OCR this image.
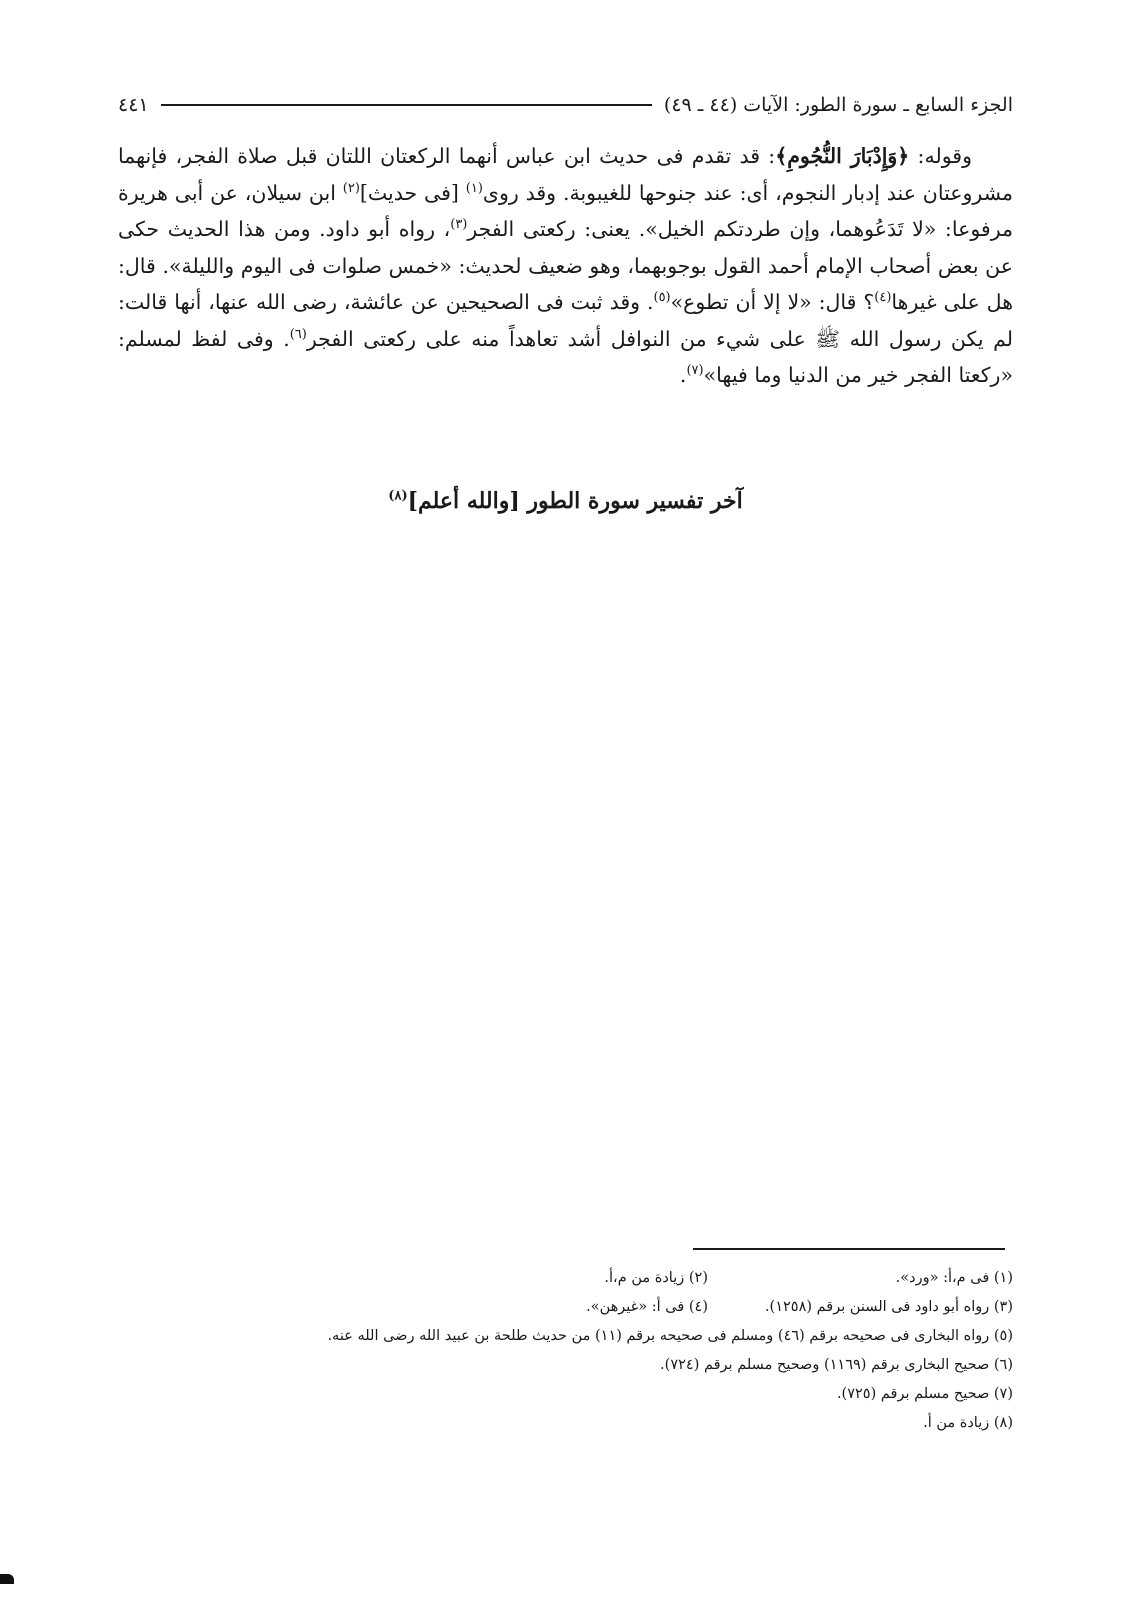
الجزء السابع ـ سورة الطور: الآيات (٤٤ ـ ٤٩)
٤٤١

  وقوله: ﴿وَإِدْبَارَ النُّجُومِ﴾: قد تقدم فى حديث ابن عباس أنهما الركعتان اللتان قبل صلاة الفجر، فإنهما مشروعتان عند إدبار النجوم، أى: عند جنوحها للغيبوبة. وقد روى$^{(١)}$ [فى حديث]$^{(٢)}$ ابن سيلان، عن أبى هريرة مرفوعا: «لا تَدَعُوهما، وإن طردتكم الخيل». يعنى: ركعتى الفجر$^{(٣)}$، رواه أبو داود. ومن هذا الحديث حكى عن بعض أصحاب الإمام أحمد القول بوجوبهما، وهو ضعيف لحديث: «خمس صلوات فى اليوم والليلة». قال: هل على غيرها$^{(٤)}$؟ قال: «لا إلا أن تطوع»$^{(٥)}$. وقد ثبت فى الصحيحين عن عائشة، رضى الله عنها، أنها قالت: لم يكن رسول الله ﷺ على شيء من النوافل أشد تعاهداً منه على ركعتى الفجر$^{(٦)}$. وفى لفظ لمسلم: «ركعتا الفجر خير من الدنيا وما فيها»$^{(٧)}$.

آخر تفسير سورة الطور [والله أعلم]$^{(٨)}$
(١) فى م،أ: «ورد».
(٢) زيادة من م،أ.
(٣) رواه أبو داود فى السنن برقم (١٢٥٨).
(٤) فى أ: «غيرهن».
(٥) رواه البخارى فى صحيحه برقم (٤٦) ومسلم فى صحيحه برقم (١١) من حديث طلحة بن عبيد الله رضى الله عنه.
(٦) صحيح البخارى برقم (١١٦٩) وصحيح مسلم برقم (٧٢٤).
(٧) صحيح مسلم برقم (٧٢٥).
(٨) زيادة من أ.
